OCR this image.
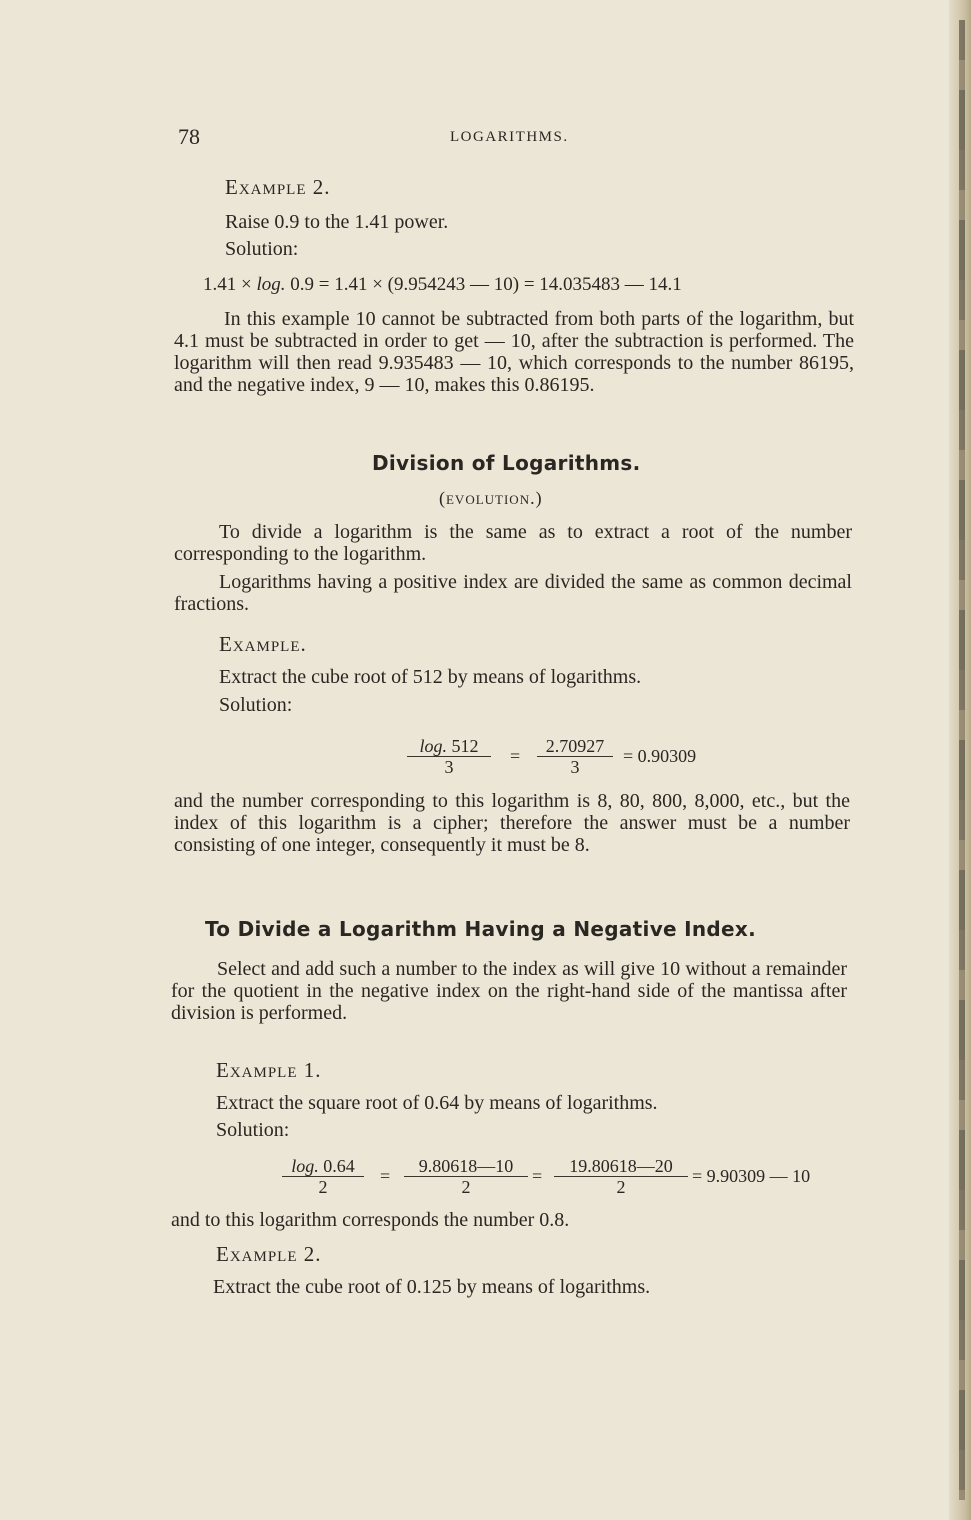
78	LOGARITHMS.
Example 2.
Raise 0.9 to the 1.41 power.
Solution:
1.41 × log. 0.9 = 1.41 × (9.954243 — 10) = 14.035483 — 14.1
In this example 10 cannot be subtracted from both parts of the logarithm, but 4.1 must be subtracted in order to get — 10, after the subtraction is performed. The logarithm will then read 9.935483 — 10, which corresponds to the number 86195, and the negative index, 9 — 10, makes this 0.86195.
Division of Logarithms.
(evolution.)
To divide a logarithm is the same as to extract a root of the number corresponding to the logarithm.
Logarithms having a positive index are divided the same as common decimal fractions.
Example.
Extract the cube root of 512 by means of logarithms.
Solution:
$\frac{\log. 512}{3} = \frac{2.70927}{3} = 0.90309$
and the number corresponding to this logarithm is 8, 80, 800, 8,000, etc., but the index of this logarithm is a cipher; therefore the answer must be a number consisting of one integer, consequently it must be 8.
To Divide a Logarithm Having a Negative Index.
Select and add such a number to the index as will give 10 without a remainder for the quotient in the negative index on the right-hand side of the mantissa after division is performed.
Example 1.
Extract the square root of 0.64 by means of logarithms.
Solution:
$\frac{\log. 0.64}{2} = \frac{9.80618—10}{2} = \frac{19.80618—20}{2} = 9.90309$ — 10
and to this logarithm corresponds the number 0.8.
Example 2.
Extract the cube root of 0.125 by means of logarithms.
